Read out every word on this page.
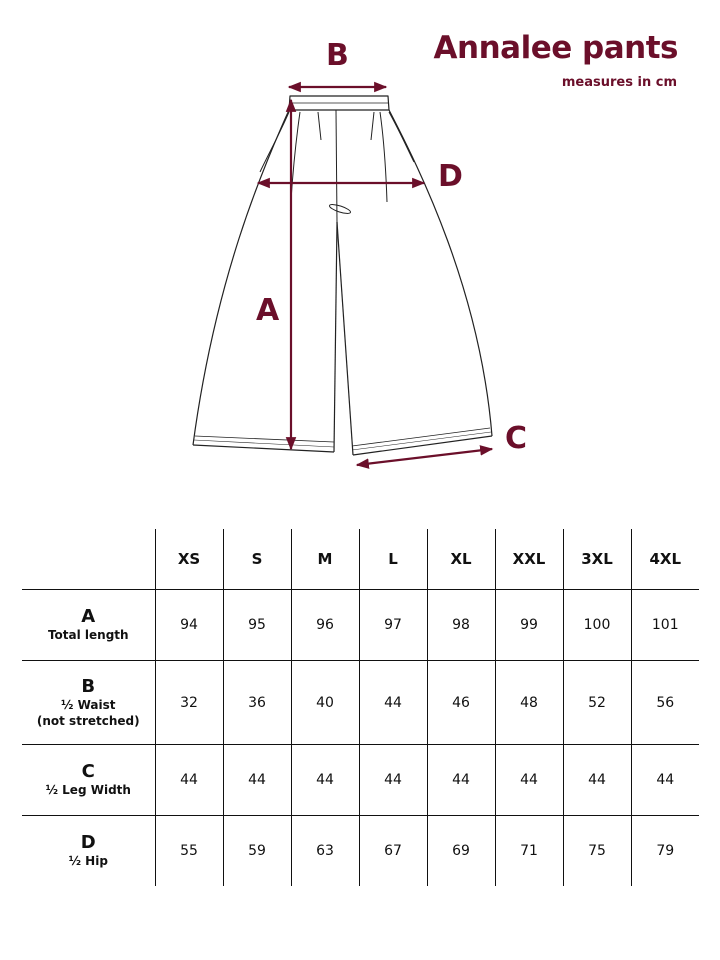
Annalee pants
measures in cm
B
D
A
C
	XS	S	M	L	XL	XXL	3XL	4XL

A
Total length	94	95	96	97	98	99	100	101

B
½ Waist
(not stretched)	32	36	40	44	46	48	52	56

C
½ Leg Width	44	44	44	44	44	44	44	44

D
½ Hip	55	59	63	67	69	71	75	79
